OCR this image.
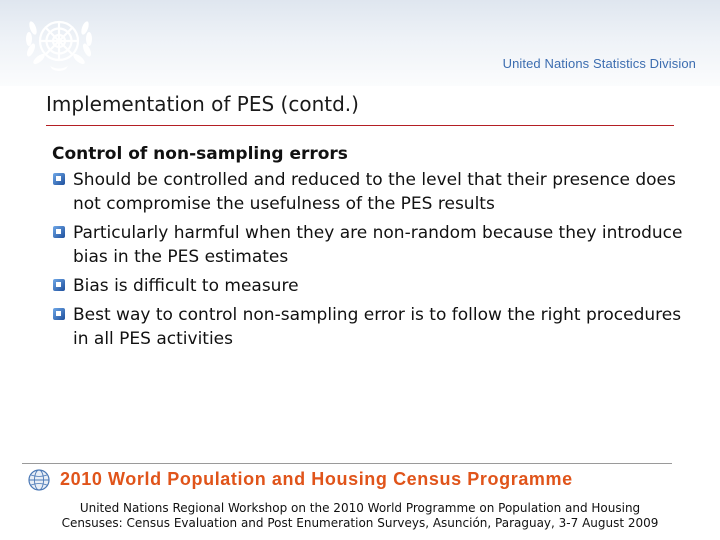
United Nations Statistics Division
Implementation of PES (contd.)
Control of non-sampling errors
Should be controlled and reduced to the level that their presence does not compromise the usefulness of the PES results
Particularly harmful when they are non-random because they introduce bias in the PES estimates
Bias is difficult to measure
Best way to control non-sampling error is to follow the right procedures in all PES activities
2010 World Population and Housing Census Programme
United Nations Regional Workshop on the 2010 World Programme on Population and Housing
Censuses: Census Evaluation and Post Enumeration Surveys, Asunción, Paraguay, 3-7 August 2009
